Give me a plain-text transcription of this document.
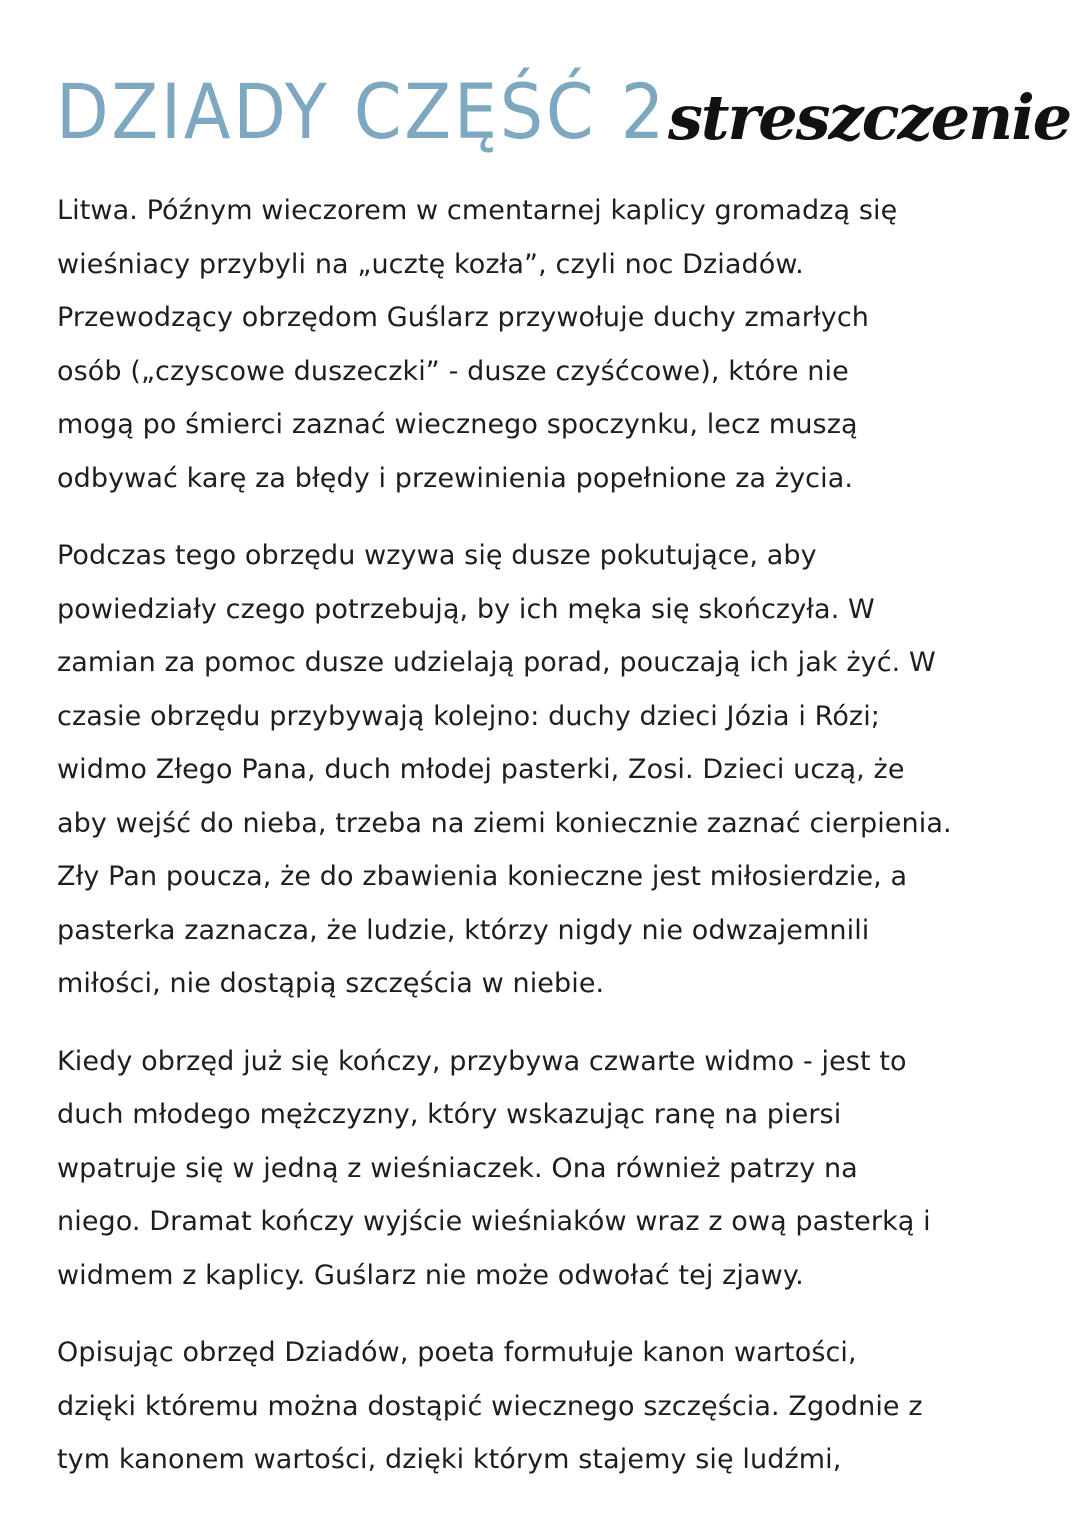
DZIADY CZĘŚĆ 2 streszczenie

Litwa. Późnym wieczorem w cmentarnej kaplicy gromadzą się
wieśniacy przybyli na „ucztę kozła”, czyli noc Dziadów.
Przewodzący obrzędom Guślarz przywołuje duchy zmarłych
osób („czyscowe duszeczki” - dusze czyśćcowe), które nie
mogą po śmierci zaznać wiecznego spoczynku, lecz muszą
odbywać karę za błędy i przewinienia popełnione za życia.

Podczas tego obrzędu wzywa się dusze pokutujące, aby
powiedziały czego potrzebują, by ich męka się skończyła. W
zamian za pomoc dusze udzielają porad, pouczają ich jak żyć. W
czasie obrzędu przybywają kolejno: duchy dzieci Józia i Rózi;
widmo Złego Pana, duch młodej pasterki, Zosi. Dzieci uczą, że
aby wejść do nieba, trzeba na ziemi koniecznie zaznać cierpienia.
Zły Pan poucza, że do zbawienia konieczne jest miłosierdzie, a
pasterka zaznacza, że ludzie, którzy nigdy nie odwzajemnili
miłości, nie dostąpią szczęścia w niebie.

Kiedy obrzęd już się kończy, przybywa czwarte widmo - jest to
duch młodego mężczyzny, który wskazując ranę na piersi
wpatruje się w jedną z wieśniaczek. Ona również patrzy na
niego. Dramat kończy wyjście wieśniaków wraz z ową pasterką i
widmem z kaplicy. Guślarz nie może odwołać tej zjawy.

Opisując obrzęd Dziadów, poeta formułuje kanon wartości,
dzięki któremu można dostąpić wiecznego szczęścia. Zgodnie z
tym kanonem wartości, dzięki którym stajemy się ludźmi,
